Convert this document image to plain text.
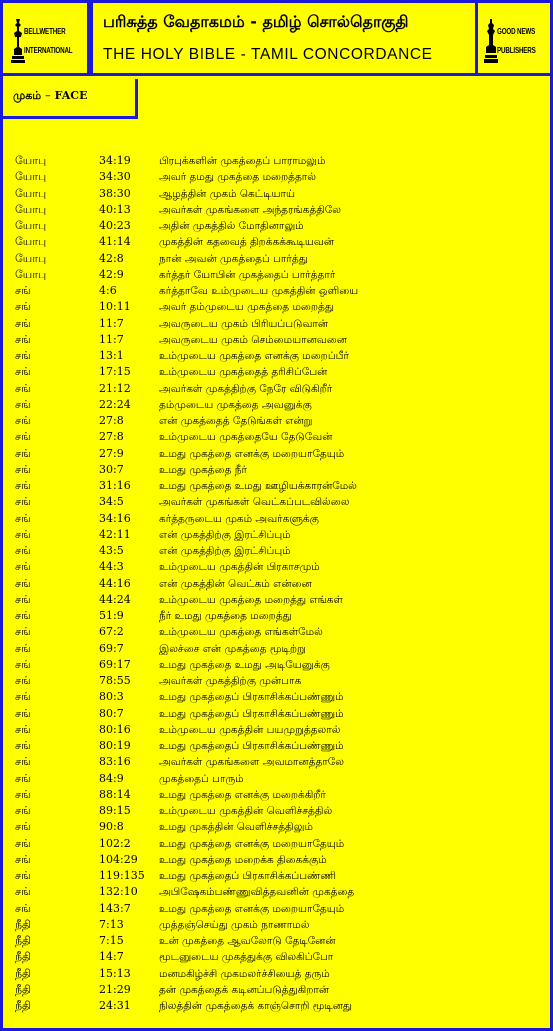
BELLWETHER
INTERNATIONAL
பரிசுத்த வேதாகமம் - தமிழ் சொல்தொகுதி
THE HOLY BIBLE - TAMIL CONCORDANCE
GOOD NEWS
PUBLISHERS
முகம் – FACE
யோபு	34:19	பிரபுக்களின் முகத்தைப் பாராமலும்
யோபு	34:30	அவர் தமது முகத்தை மறைத்தால்
யோபு	38:30	ஆழத்தின் முகம் கெட்டியாய்
யோபு	40:13	அவர்கள் முகங்களை அந்தரங்கத்திலே
யோபு	40:23	அதின் முகத்தில் மோதினாலும்
யோபு	41:14	முகத்தின் கதவைத் திறக்கக்கூடியவன்
யோபு	42:8	நான் அவன் முகத்தைப் பார்த்து
யோபு	42:9	கர்த்தர் யோபின் முகத்தைப் பார்த்தார்
சங்	4:6	கர்த்தாவே உம்முடைய முகத்தின் ஒளியை
சங்	10:11	அவர் தம்முடைய முகத்தை மறைத்து
சங்	11:7	அவருடைய முகம் பிரியப்படுவான்
சங்	11:7	அவருடைய முகம் செம்மையானவனை
சங்	13:1	உம்முடைய முகத்தை எனக்கு மறைப்பீர்
சங்	17:15	உம்முடைய முகத்தைத் தரிசிப்பேன்
சங்	21:12	அவர்கள் முகத்திற்கு நேரே விடுகிறீர்
சங்	22:24	தம்முடைய முகத்தை அவனுக்கு
சங்	27:8	என் முகத்தைத் தேடுங்கள் என்று
சங்	27:8	உம்முடைய முகத்தையே தேடுவேன்
சங்	27:9	உமது முகத்தை எனக்கு மறையாதேயும்
சங்	30:7	உமது முகத்தை நீர்
சங்	31:16	உமது முகத்தை உமது ஊழியக்காரன்மேல்
சங்	34:5	அவர்கள் முகங்கள் வெட்கப்படவில்லை
சங்	34:16	கர்த்தருடைய முகம் அவர்களுக்கு
சங்	42:11	என் முகத்திற்கு இரட்சிப்பும்
சங்	43:5	என் முகத்திற்கு இரட்சிப்பும்
சங்	44:3	உம்முடைய முகத்தின் பிரகாசமும்
சங்	44:16	என் முகத்தின் வெட்கம் என்னை
சங்	44:24	உம்முடைய முகத்தை மறைத்து எங்கள்
சங்	51:9	நீர் உமது முகத்தை மறைத்து
சங்	67:2	உம்முடைய முகத்தை எங்கள்மேல்
சங்	69:7	இலச்சை என் முகத்தை மூடிற்று
சங்	69:17	உமது முகத்தை உமது அடியேனுக்கு
சங்	78:55	அவர்கள் முகத்திற்கு முன்பாக
சங்	80:3	உமது முகத்தைப் பிரகாசிக்கப்பண்ணும்
சங்	80:7	உமது முகத்தைப் பிரகாசிக்கப்பண்ணும்
சங்	80:16	உம்முடைய முகத்தின் பயமுறுத்தலால்
சங்	80:19	உமது முகத்தைப் பிரகாசிக்கப்பண்ணும்
சங்	83:16	அவர்கள் முகங்களை அவமானத்தாலே
சங்	84:9	முகத்தைப் பாரும்
சங்	88:14	உமது முகத்தை எனக்கு மறைக்கிறீர்
சங்	89:15	உம்முடைய முகத்தின் வெளிச்சத்தில்
சங்	90:8	உமது முகத்தின் வெளிச்சத்திலும்
சங்	102:2	உமது முகத்தை எனக்கு மறையாதேயும்
சங்	104:29 உமது முகத்தை மறைக்க திகைக்கும்
சங்	119:135 உமது முகத்தைப் பிரகாசிக்கப்பண்ணி
சங்	132:10 அபிஷேகம்பண்ணுவித்தவனின் முகத்தை
சங்	143:7	உமது முகத்தை எனக்கு மறையாதேயும்
நீதி	7:13	முத்தஞ்செய்து முகம் நாணாமல்
நீதி	7:15	உன் முகத்தை ஆவலோடு தேடினேன்
நீதி	14:7	மூடனுடைய முகத்துக்கு விலகிப்போ
நீதி	15:13	மனமகிழ்ச்சி முகமலர்ச்சியைத் தரும்
நீதி	21:29	தன் முகத்தைக் கடினப்படுத்துகிறான்
நீதி	24:31	நிலத்தின் முகத்தைக் காஞ்சொறி மூடினது
